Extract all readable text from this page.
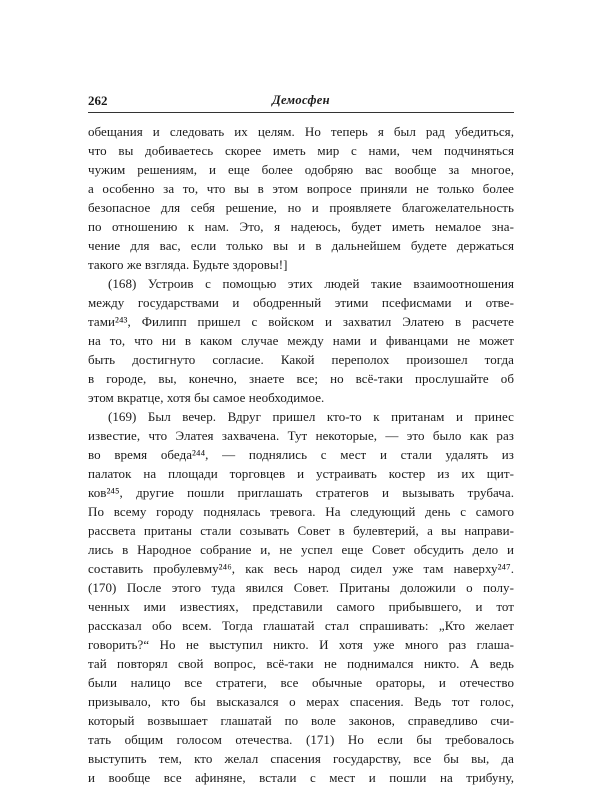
262	Демосфен
обещания и следовать их целям. Но теперь я был рад убедиться,
что вы добиваетесь скорее иметь мир с нами, чем подчиняться
чужим решениям, и еще более одобряю вас вообще за многое,
а особенно за то, что вы в этом вопросе приняли не только более
безопасное для себя решение, но и проявляете благожелательность
по отношению к нам. Это, я надеюсь, будет иметь немалое зна-
чение для вас, если только вы и в дальнейшем будете держаться
такого же взгляда. Будьте здоровы!]
(168) Устроив с помощью этих людей такие взаимоотношения
между государствами и ободренный этими псефисмами и отве-
тами²⁴³, Филипп пришел с войском и захватил Элатею в расчете
на то, что ни в каком случае между нами и фиванцами не может
быть достигнуто согласие. Какой переполох произошел тогда
в городе, вы, конечно, знаете все; но всё-таки прослушайте об
этом вкратце, хотя бы самое необходимое.
(169) Был вечер. Вдруг пришел кто-то к пританам и принес
известие, что Элатея захвачена. Тут некоторые, — это было как раз
во время обеда²⁴⁴, — поднялись с мест и стали удалять из
палаток на площади торговцев и устраивать костер из их щит-
ков²⁴⁵, другие пошли приглашать стратегов и вызывать трубача.
По всему городу поднялась тревога. На следующий день с самого
рассвета пританы стали созывать Совет в булевтерий, а вы направи-
лись в Народное собрание и, не успел еще Совет обсудить дело и
составить пробулевму²⁴⁶, как весь народ сидел уже там наверху²⁴⁷.
(170) После этого туда явился Совет. Пританы доложили о полу-
ченных ими известиях, представили самого прибывшего, и тот
рассказал обо всем. Тогда глашатай стал спрашивать: „Кто желает
говорить?“ Но не выступил никто. И хотя уже много раз глаша-
тай повторял свой вопрос, всё-таки не поднимался никто. А ведь
были налицо все стратеги, все обычные ораторы, и отечество
призывало, кто бы высказался о мерах спасения. Ведь тот голос,
который возвышает глашатай по воле законов, справедливо счи-
тать общим голосом отечества. (171) Но если бы требовалось
выступить тем, кто желал спасения государству, все бы вы, да
и вообще все афиняне, встали с мест и пошли на трибуну,
